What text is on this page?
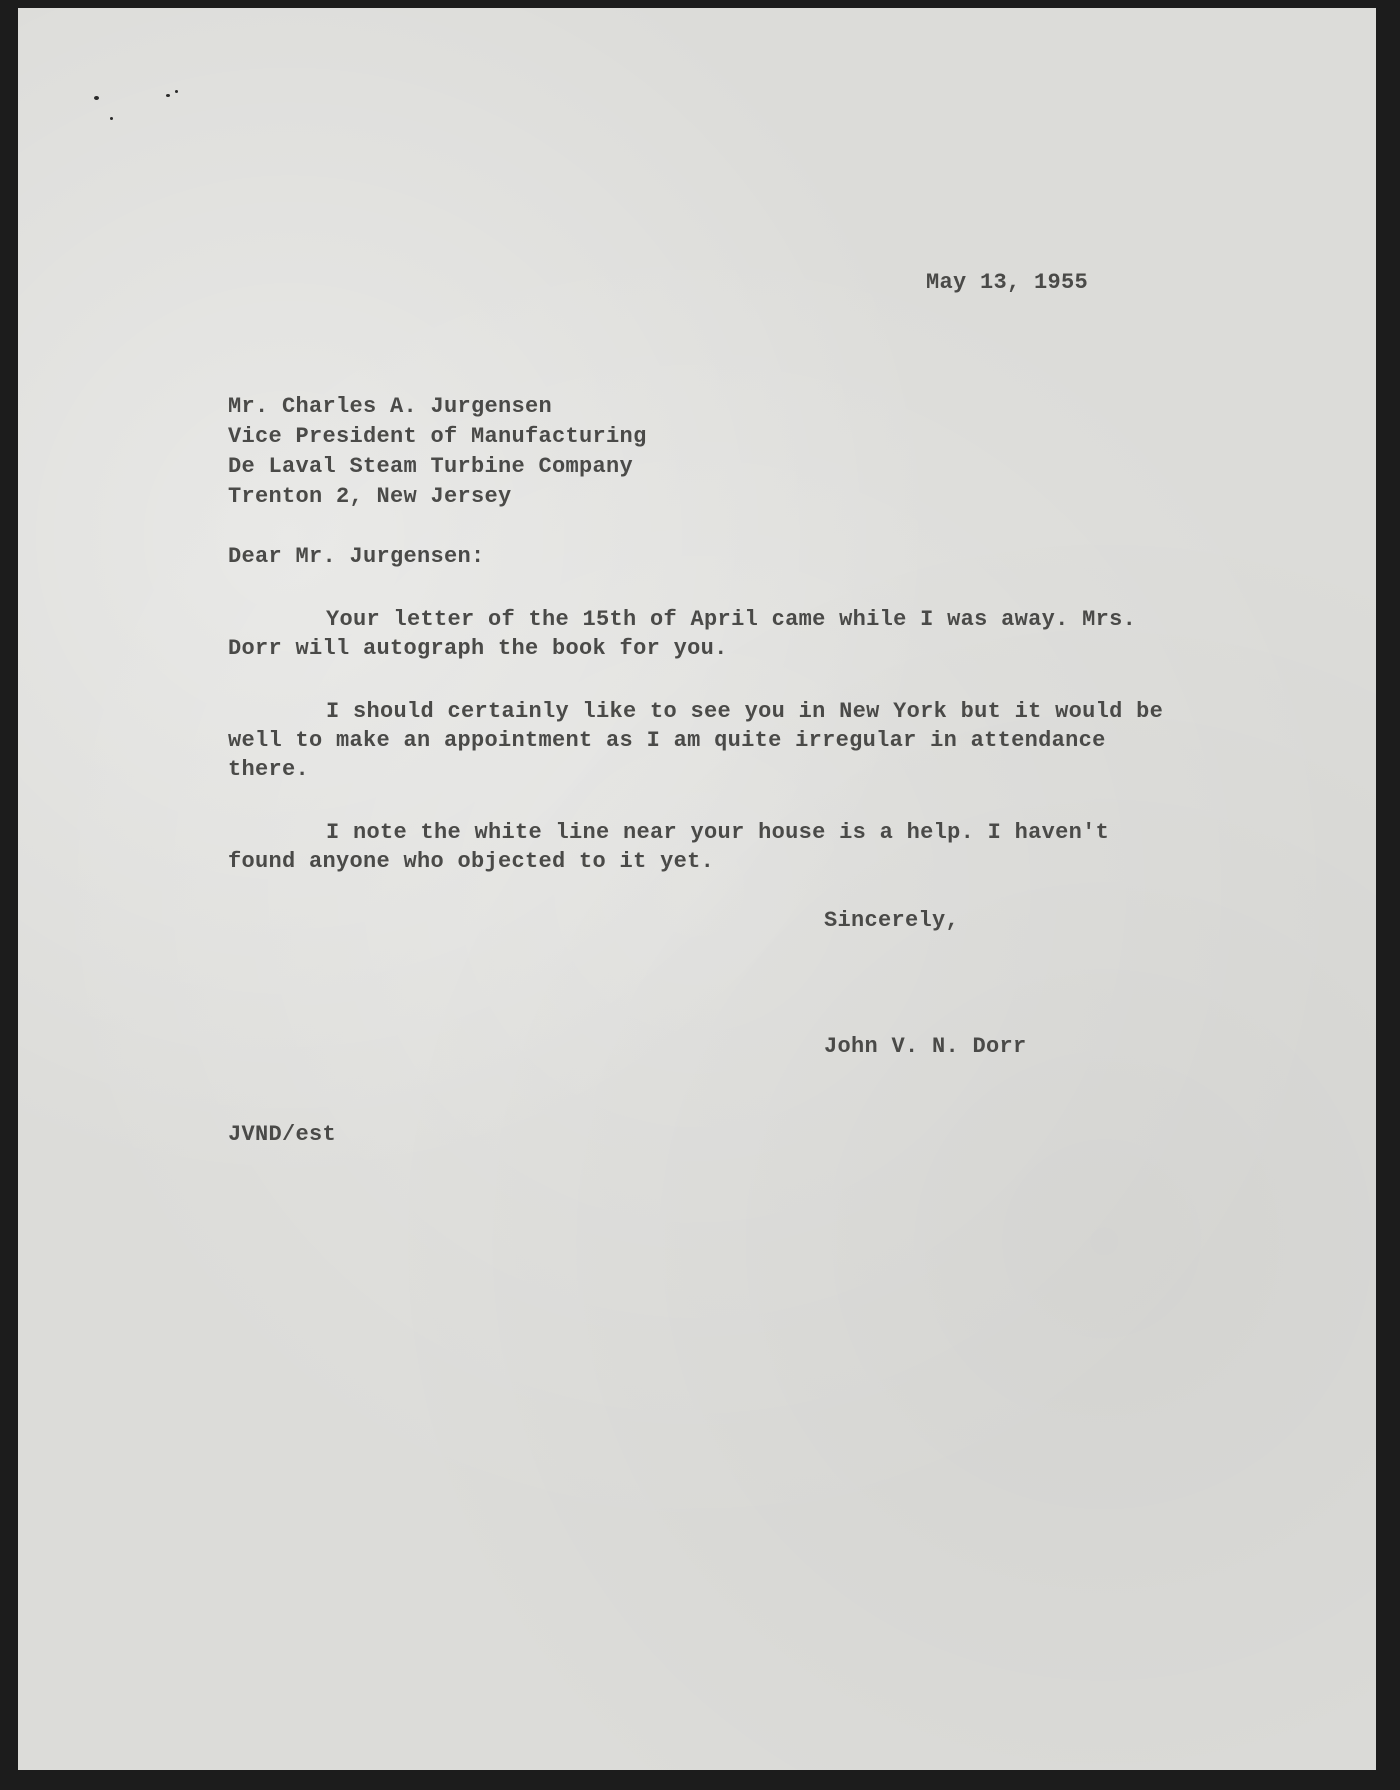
May 13, 1955

Mr. Charles A. Jurgensen
Vice President of Manufacturing
De Laval Steam Turbine Company
Trenton 2, New Jersey

Dear Mr. Jurgensen:

Your letter of the 15th of April came while I was away. Mrs. Dorr will autograph the book for you.

I should certainly like to see you in New York but it would be well to make an appointment as I am quite irregular in attendance there.

I note the white line near your house is a help. I haven't found anyone who objected to it yet.

Sincerely,

John V. N. Dorr

JVND/est
